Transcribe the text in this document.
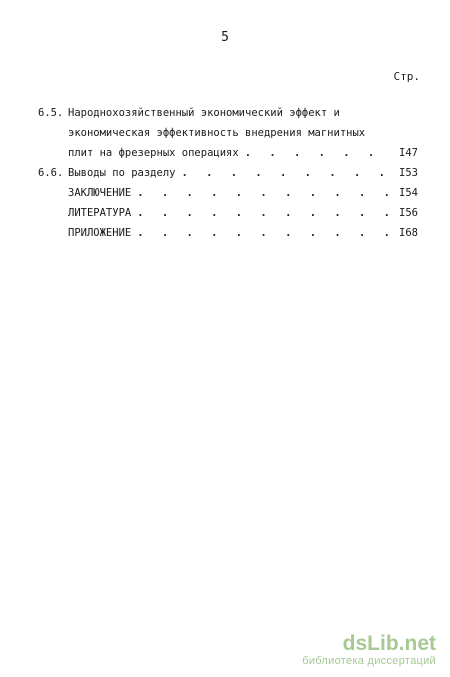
5
Стр.
6.5. Народнохозяйственный экономический эффект и
экономическая эффективность внедрения магнитных
плит на фрезерных операциях . . .	I47
6.6. Выводы по разделу . . .	I53
ЗАКЛЮЧЕНИЕ . . .	I54
ЛИТЕРАТУРА . . .	I56
ПРИЛОЖЕНИЕ . . .	I68
dsLib.net
библиотека диссертаций
